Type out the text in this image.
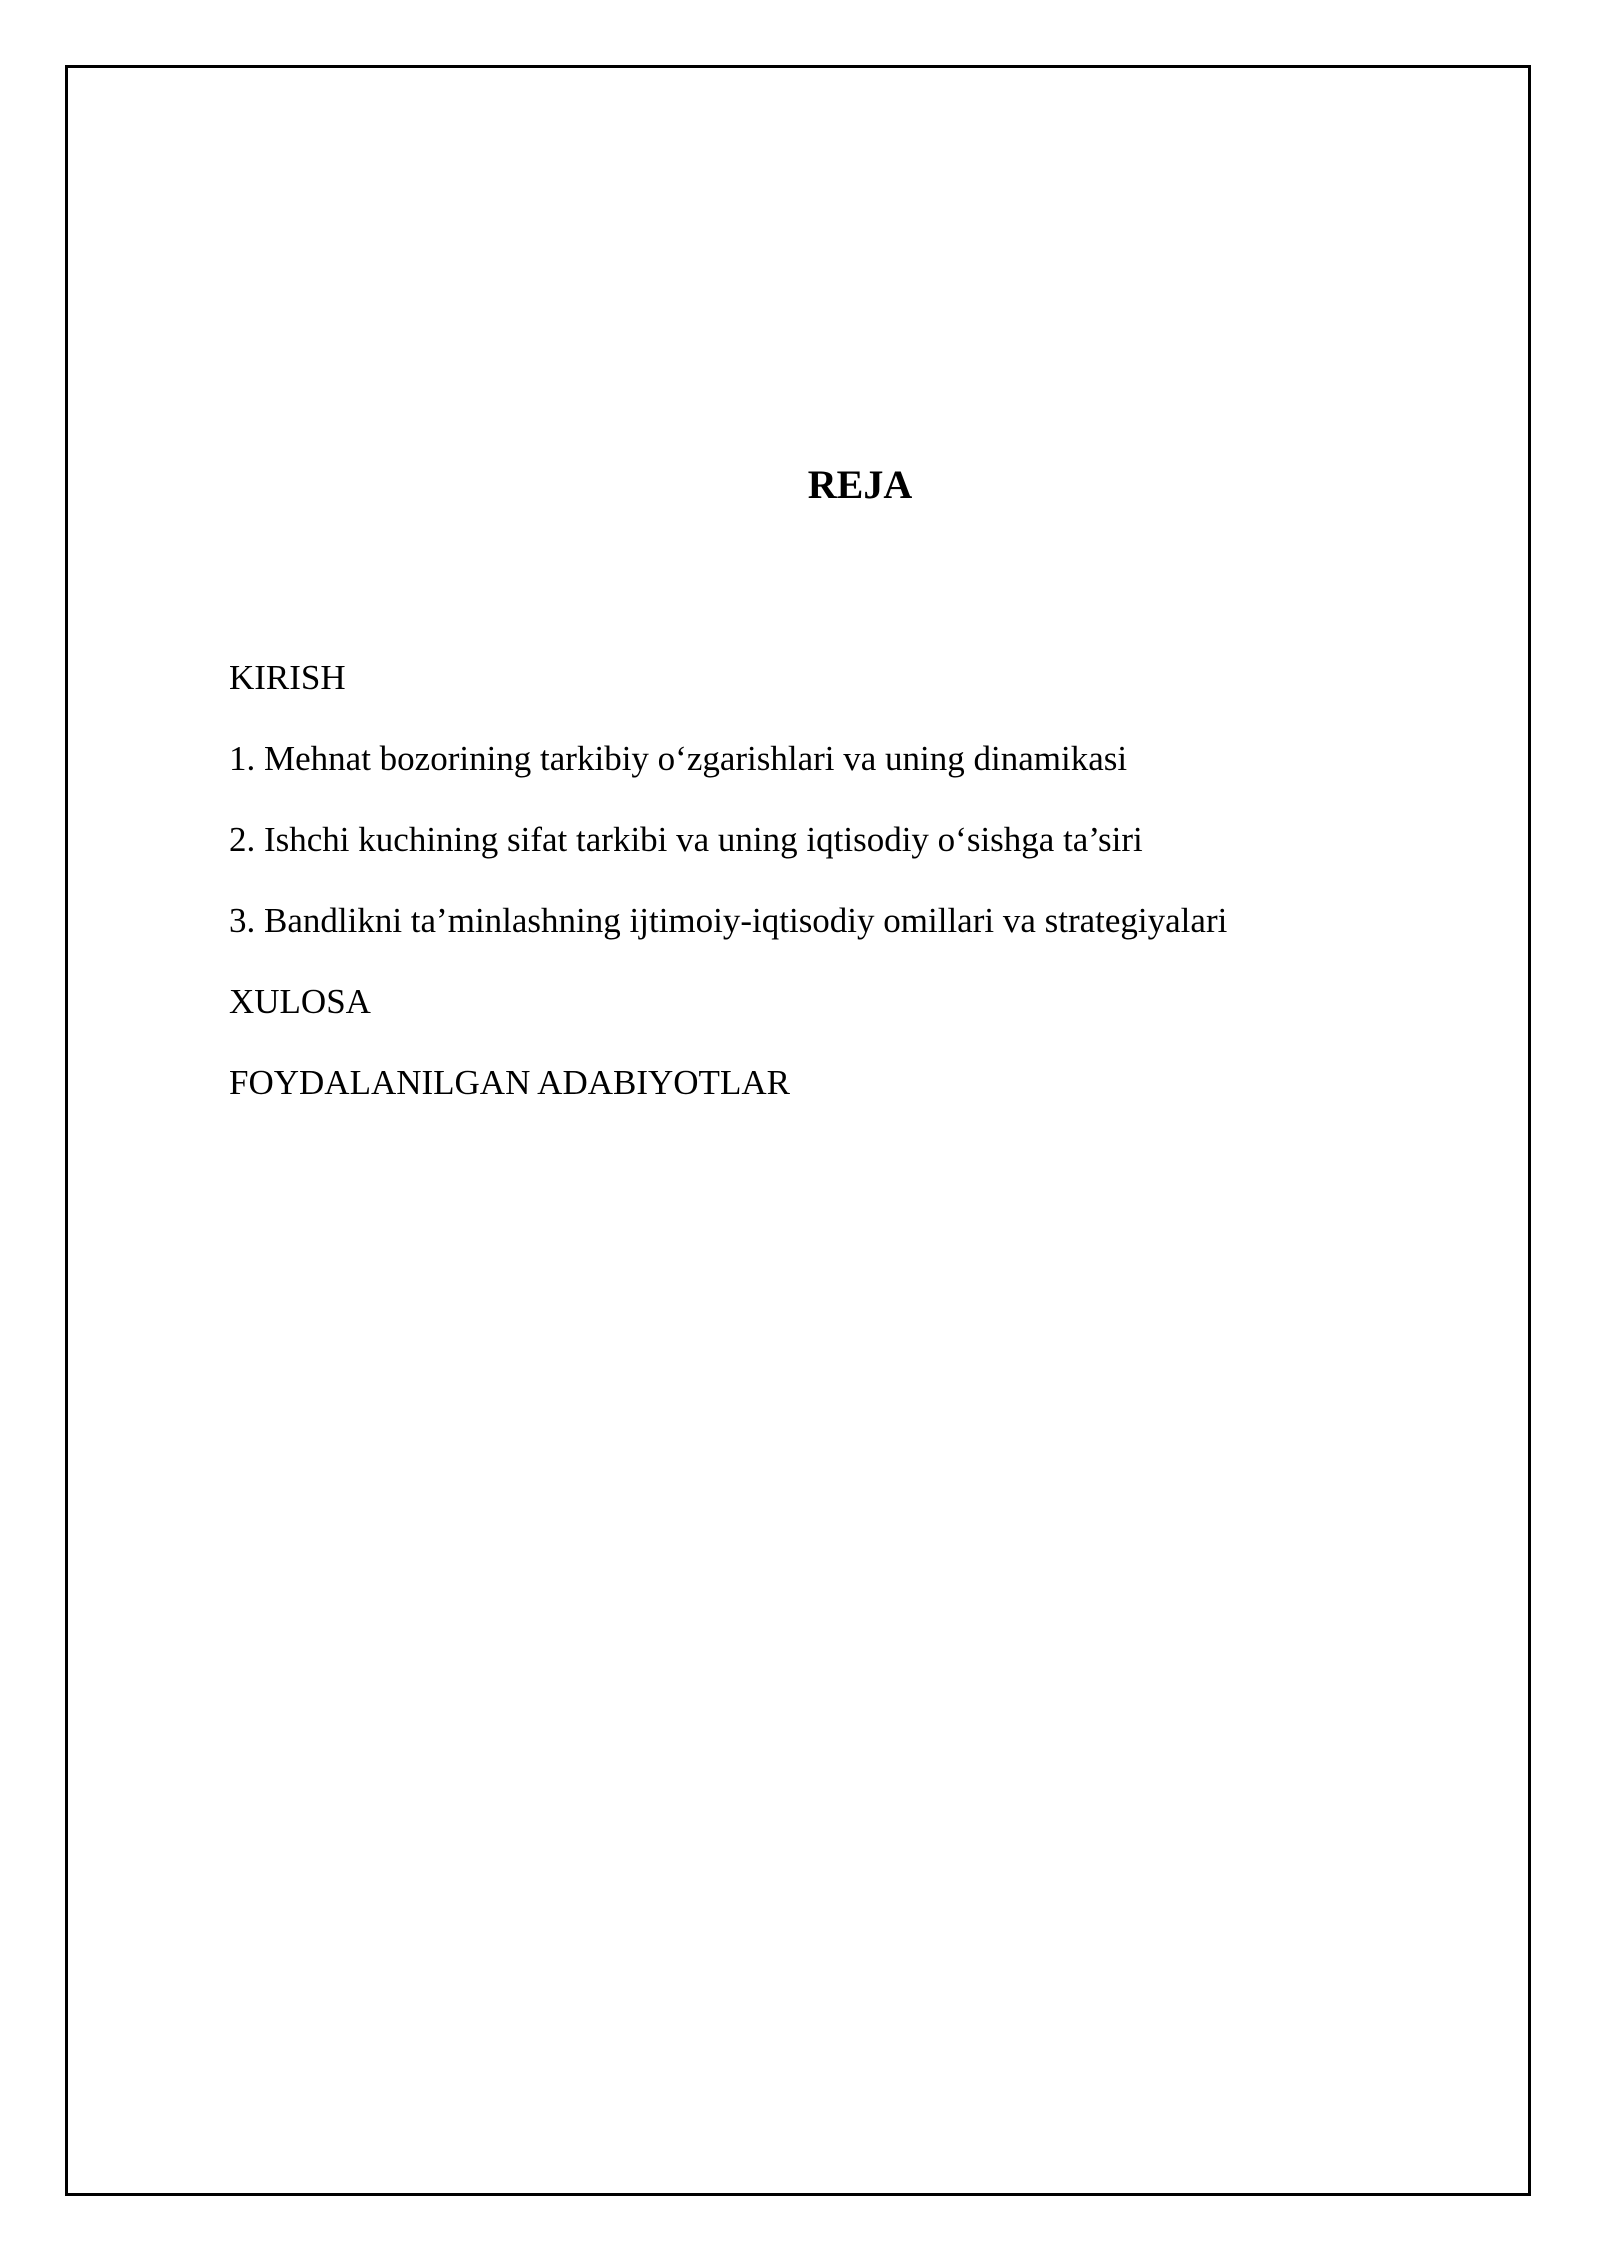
REJA
KIRISH
1. Mehnat bozorining tarkibiy o‘zgarishlari va uning dinamikasi
2. Ishchi kuchining sifat tarkibi va uning iqtisodiy o‘sishga ta’siri
3. Bandlikni ta’minlashning ijtimoiy-iqtisodiy omillari va strategiyalari
XULOSA
FOYDALANILGAN ADABIYOTLAR
